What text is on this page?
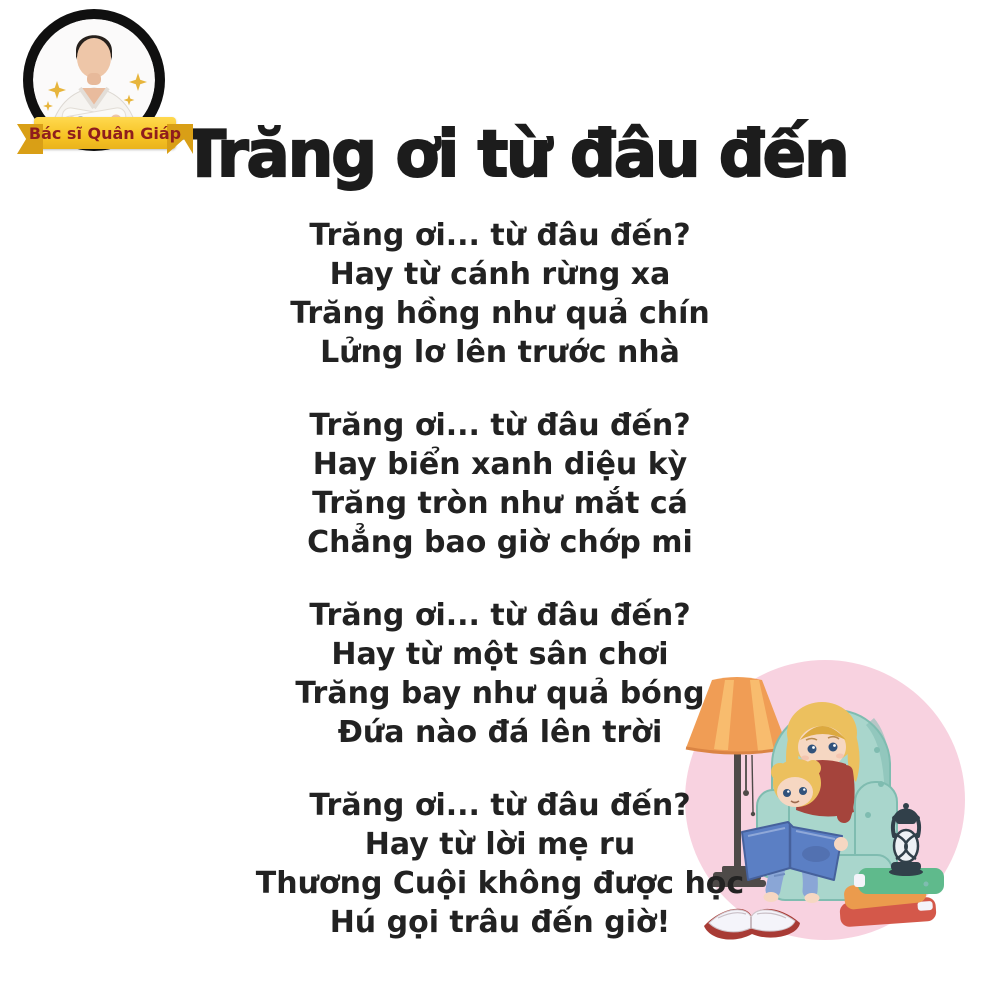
Bác sĩ Quân Giáp Trăng ơi từ đâu đến

Trăng ơi... từ đâu đến?

Hay từ cánh rừng xa

Trăng hồng như quả chín

Lửng lơ lên trước nhà

Trăng ơi... từ đâu đến?

Hay biển xanh diệu kỳ

Trăng tròn như mắt cá

Chẳng bao giờ chớp mi

Trăng ơi... từ đâu đến?

Hay từ một sân chơi

Trăng bay như quả bóng

Đứa nào đá lên trời

Trăng ơi... từ đâu đến?

Hay từ lời mẹ ru

Thương Cuội không được học

Hú gọi trâu đến giờ!
